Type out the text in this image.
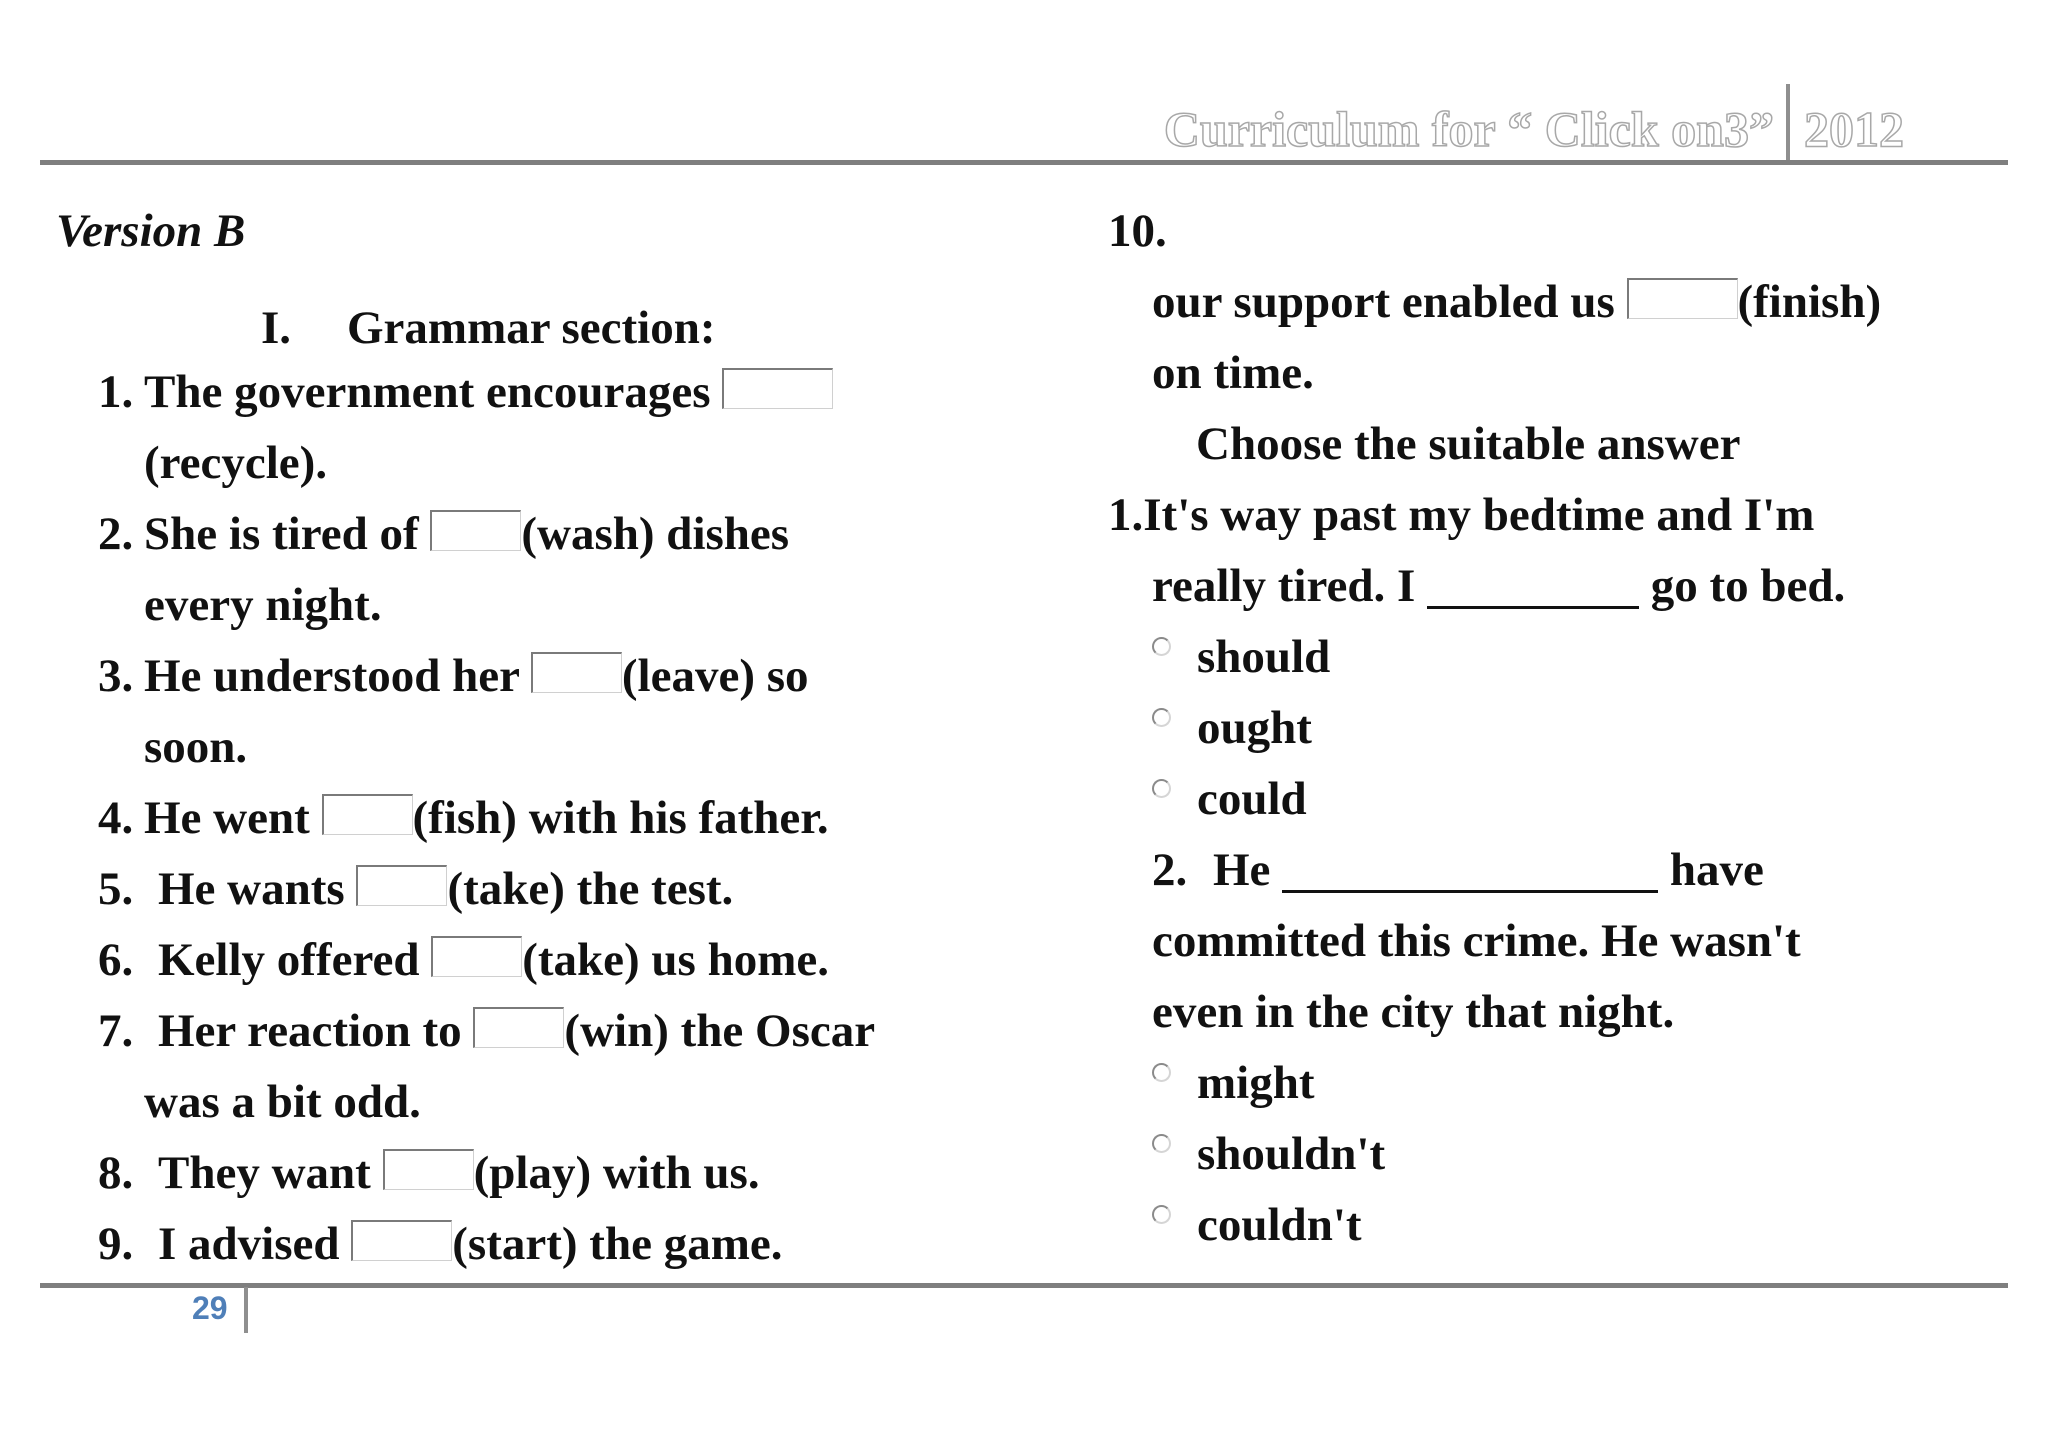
Curriculum for “ Click on3” 2012
Version B
I. Grammar section:
1. The government encourages
(recycle).
2. She is tired of (wash) dishes
every night.
3. He understood her (leave) so
soon.
4. He went (fish) with his father.
5. He wants (take) the test.
6. Kelly offered (take) us home.
7. Her reaction to (win) the Oscar
was a bit odd.
8. They want (play) with us.
9. I advised (start) the game.
10.
our support enabled us	(finish)
on time.
Choose the suitable answer
1.It's way past my bedtime and I'm
really tired. I	go to bed.
should
ought
could
2. He	have
committed this crime. He wasn't
even in the city that night.
might
shouldn't
couldn't
29
